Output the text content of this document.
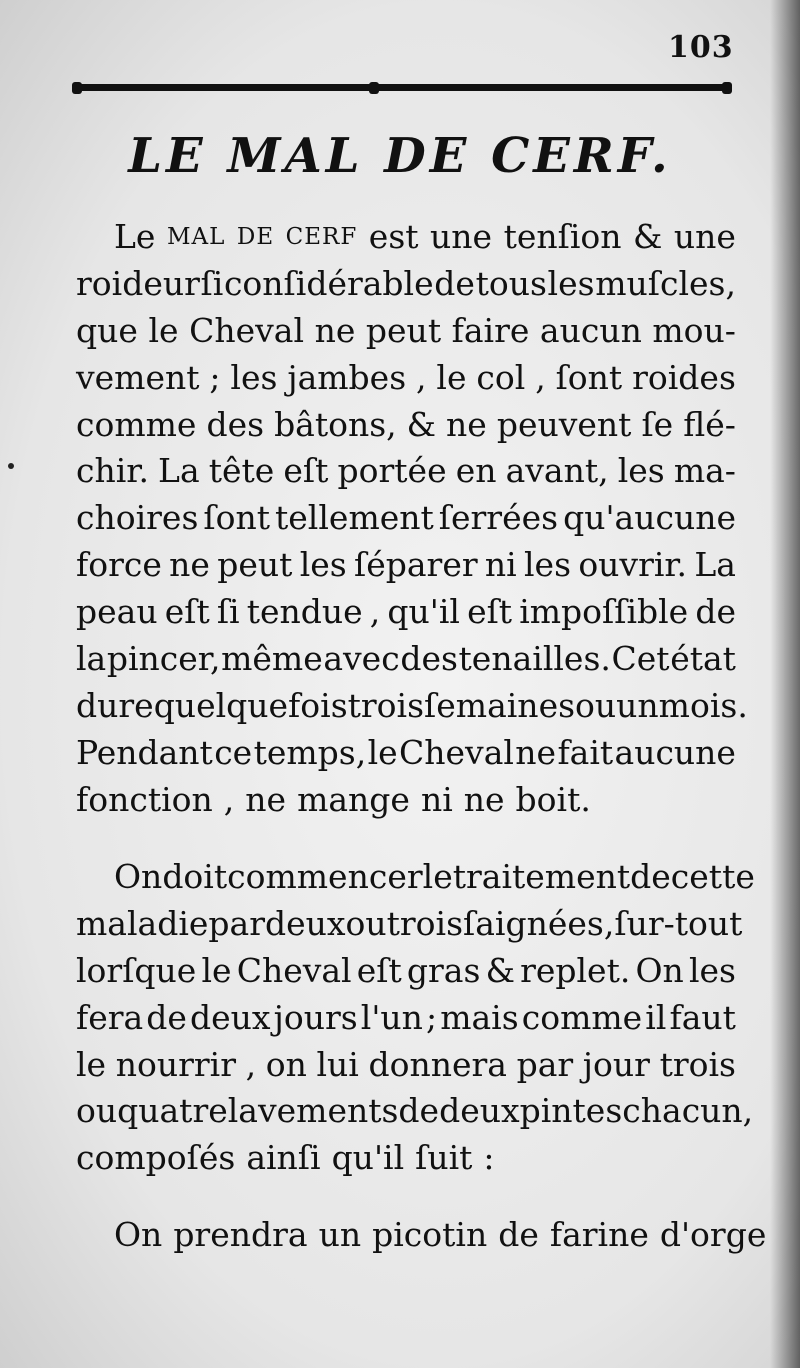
103
LE MAL DE CERF.
Le MAL DE CERF est une tenſion & une
roideur ſi conſidérable de tous les muſcles,
que le Cheval ne peut faire aucun mou-
vement ; les jambes , le col , ſont roides
comme des bâtons, & ne peuvent ſe flé-
chir. La tête eſt portée en avant, les ma-
choires ſont tellement ſerrées qu'aucune
force ne peut les ſéparer ni les ouvrir. La
peau eſt ſi tendue , qu'il eſt impoſſible de
la pincer, même avec des tenailles. Cet état
dure quelquefois trois ſemaines ou un mois.
Pendant ce temps, le Cheval ne fait aucune
fonction , ne mange ni ne boit.
On doit commencer le traitement de cette
maladie par deux ou trois ſaignées , ſur-tout
lorſque le Cheval eſt gras & replet. On les
fera de deux jours l'un ; mais comme il faut
le nourrir , on lui donnera par jour trois
ou quatre lavements de deux pintes chacun,
compoſés ainſi qu'il ſuit :
On prendra un picotin de farine d'orge
